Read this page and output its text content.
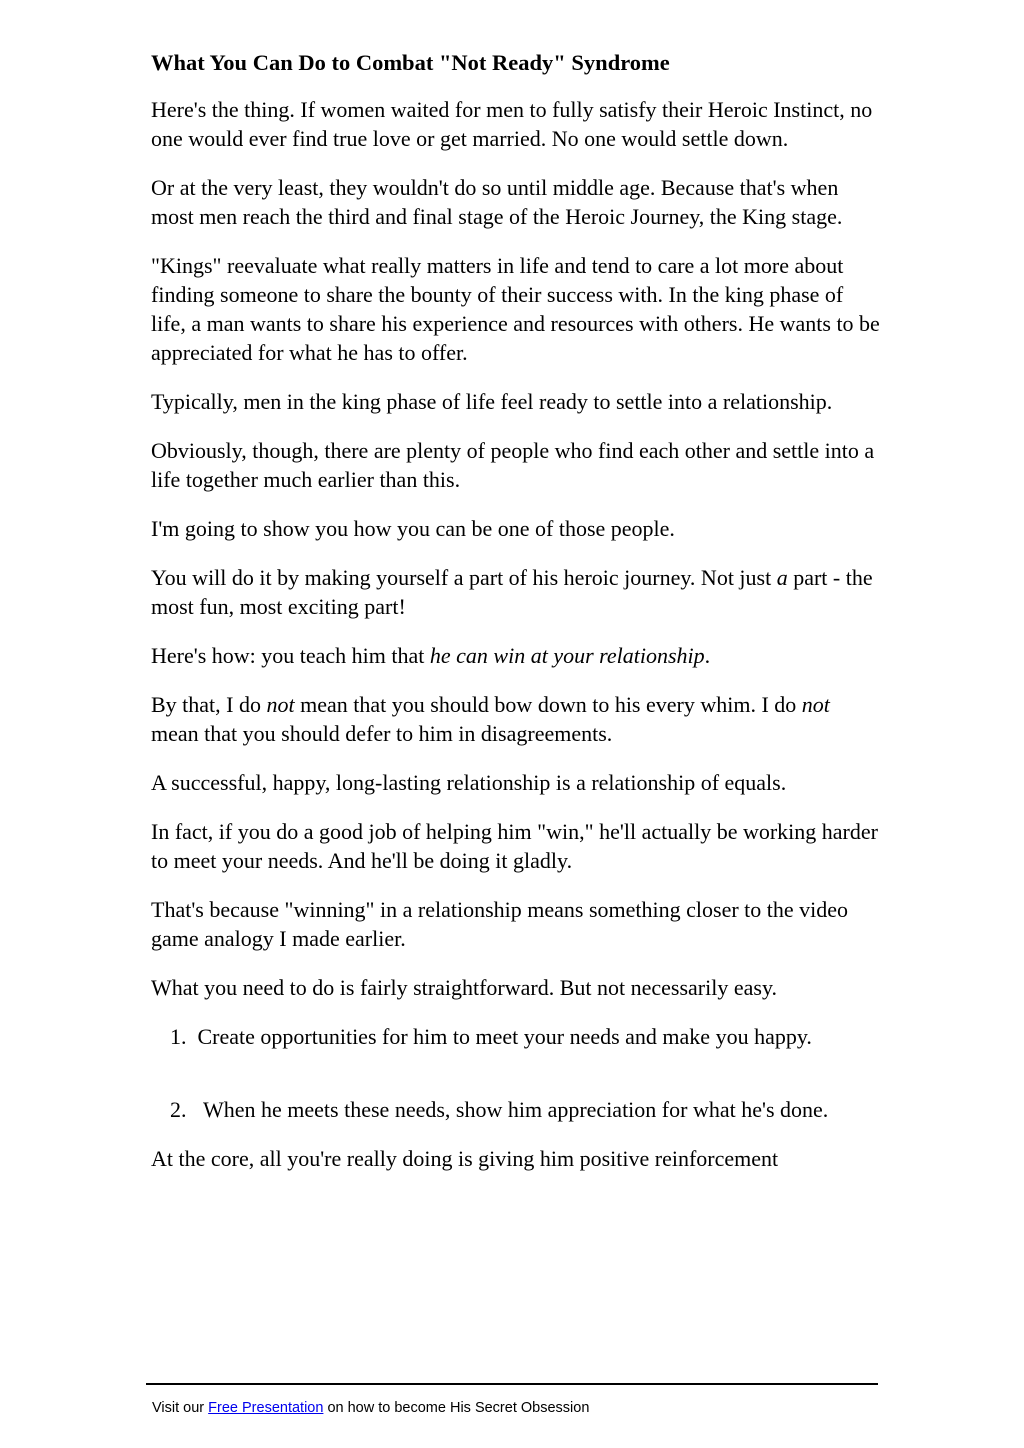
What You Can Do to Combat "Not Ready" Syndrome

Here's the thing. If women waited for men to fully satisfy their Heroic Instinct, no one would ever find true love or get married. No one would settle down.

Or at the very least, they wouldn't do so until middle age. Because that's when most men reach the third and final stage of the Heroic Journey, the King stage.

"Kings" reevaluate what really matters in life and tend to care a lot more about finding someone to share the bounty of their success with. In the king phase of life, a man wants to share his experience and resources with others. He wants to be appreciated for what he has to offer.

Typically, men in the king phase of life feel ready to settle into a relationship.

Obviously, though, there are plenty of people who find each other and settle into a life together much earlier than this.

I'm going to show you how you can be one of those people.

You will do it by making yourself a part of his heroic journey. Not just a part - the most fun, most exciting part!

Here's how: you teach him that he can win at your relationship.

By that, I do not mean that you should bow down to his every whim. I do not mean that you should defer to him in disagreements.

A successful, happy, long-lasting relationship is a relationship of equals.

In fact, if you do a good job of helping him "win," he'll actually be working harder to meet your needs. And he'll be doing it gladly.

That's because "winning" in a relationship means something closer to the video game analogy I made earlier.

What you need to do is fairly straightforward. But not necessarily easy.

1. Create opportunities for him to meet your needs and make you happy.

2. When he meets these needs, show him appreciation for what he's done.

At the core, all you're really doing is giving him positive reinforcement

Visit our Free Presentation on how to become His Secret Obsession
